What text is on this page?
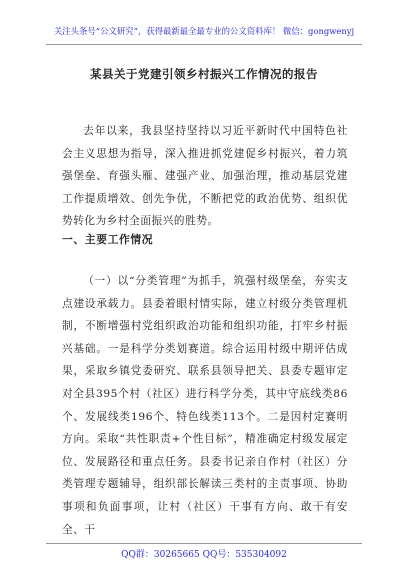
关注头条号“公文研究”，获得最新最全最专业的公文资料库！ 微信：gongwenyj
某县关于党建引领乡村振兴工作情况的报告
去年以来，我县坚持坚持以习近平新时代中国特色社会主义思想为指导，深入推进抓党建促乡村振兴，着力筑强堡垒、育强头雁、建强产业、加强治理，推动基层党建工作提质增效、创先争优，不断把党的政治优势、组织优势转化为乡村全面振兴的胜势。
一、主要工作情况
（一）以“分类管理”为抓手，筑强村级堡垒，夯实支点建设承载力。县委着眼村情实际，建立村级分类管理机制，不断增强村党组织政治功能和组织功能，打牢乡村振兴基础。一是科学分类划赛道。综合运用村级中期评估成果，采取乡镇党委研究、联系县领导把关、县委专题审定对全县395个村（社区）进行科学分类，其中守底线类86个、发展线类196个、特色线类113个。二是因村定赛明方向。采取“共性职责+个性目标”，精准确定村级发展定位、发展路径和重点任务。县委书记亲自作村（社区）分类管理专题辅导，组织部长解读三类村的主责事项、协助事项和负面事项，让村（社区）干事有方向、敢干有安全、干
QQ群：30265665 QQ号：535304092
